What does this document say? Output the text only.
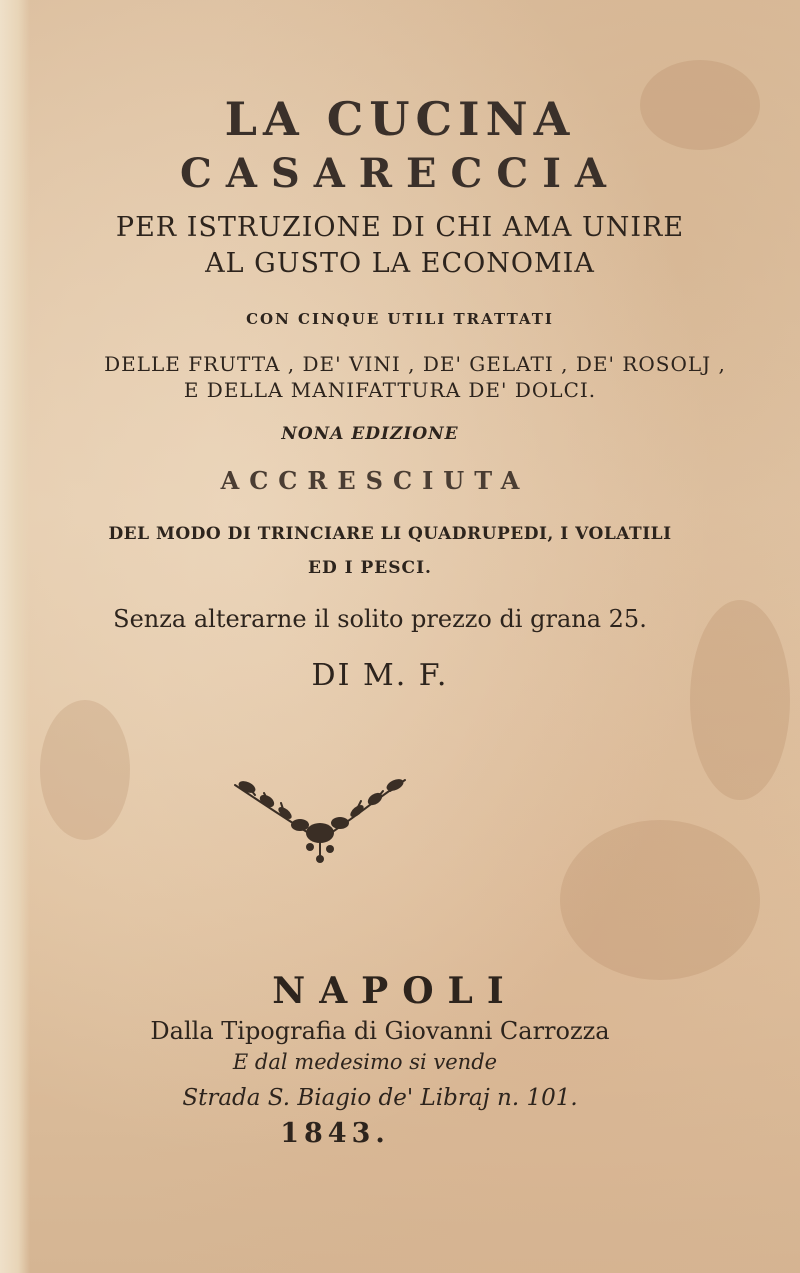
LA CUCINA
CASARECCIA
PER ISTRUZIONE DI CHI AMA UNIRE
AL GUSTO LA ECONOMIA
CON CINQUE UTILI TRATTATI
DELLE FRUTTA , DE' VINI , DE' GELATI , DE' ROSOLJ ,
E DELLA MANIFATTURA DE' DOLCI.
NONA EDIZIONE
ACCRESCIUTA
DEL MODO DI TRINCIARE LI QUADRUPEDI, I VOLATILI
ED I PESCI.
Senza alterarne il solito prezzo di grana 25.
DI M. F.
NAPOLI
Dalla Tipografia di Giovanni Carrozza
E dal medesimo si vende
Strada S. Biagio de' Libraj n. 101.
1843.
